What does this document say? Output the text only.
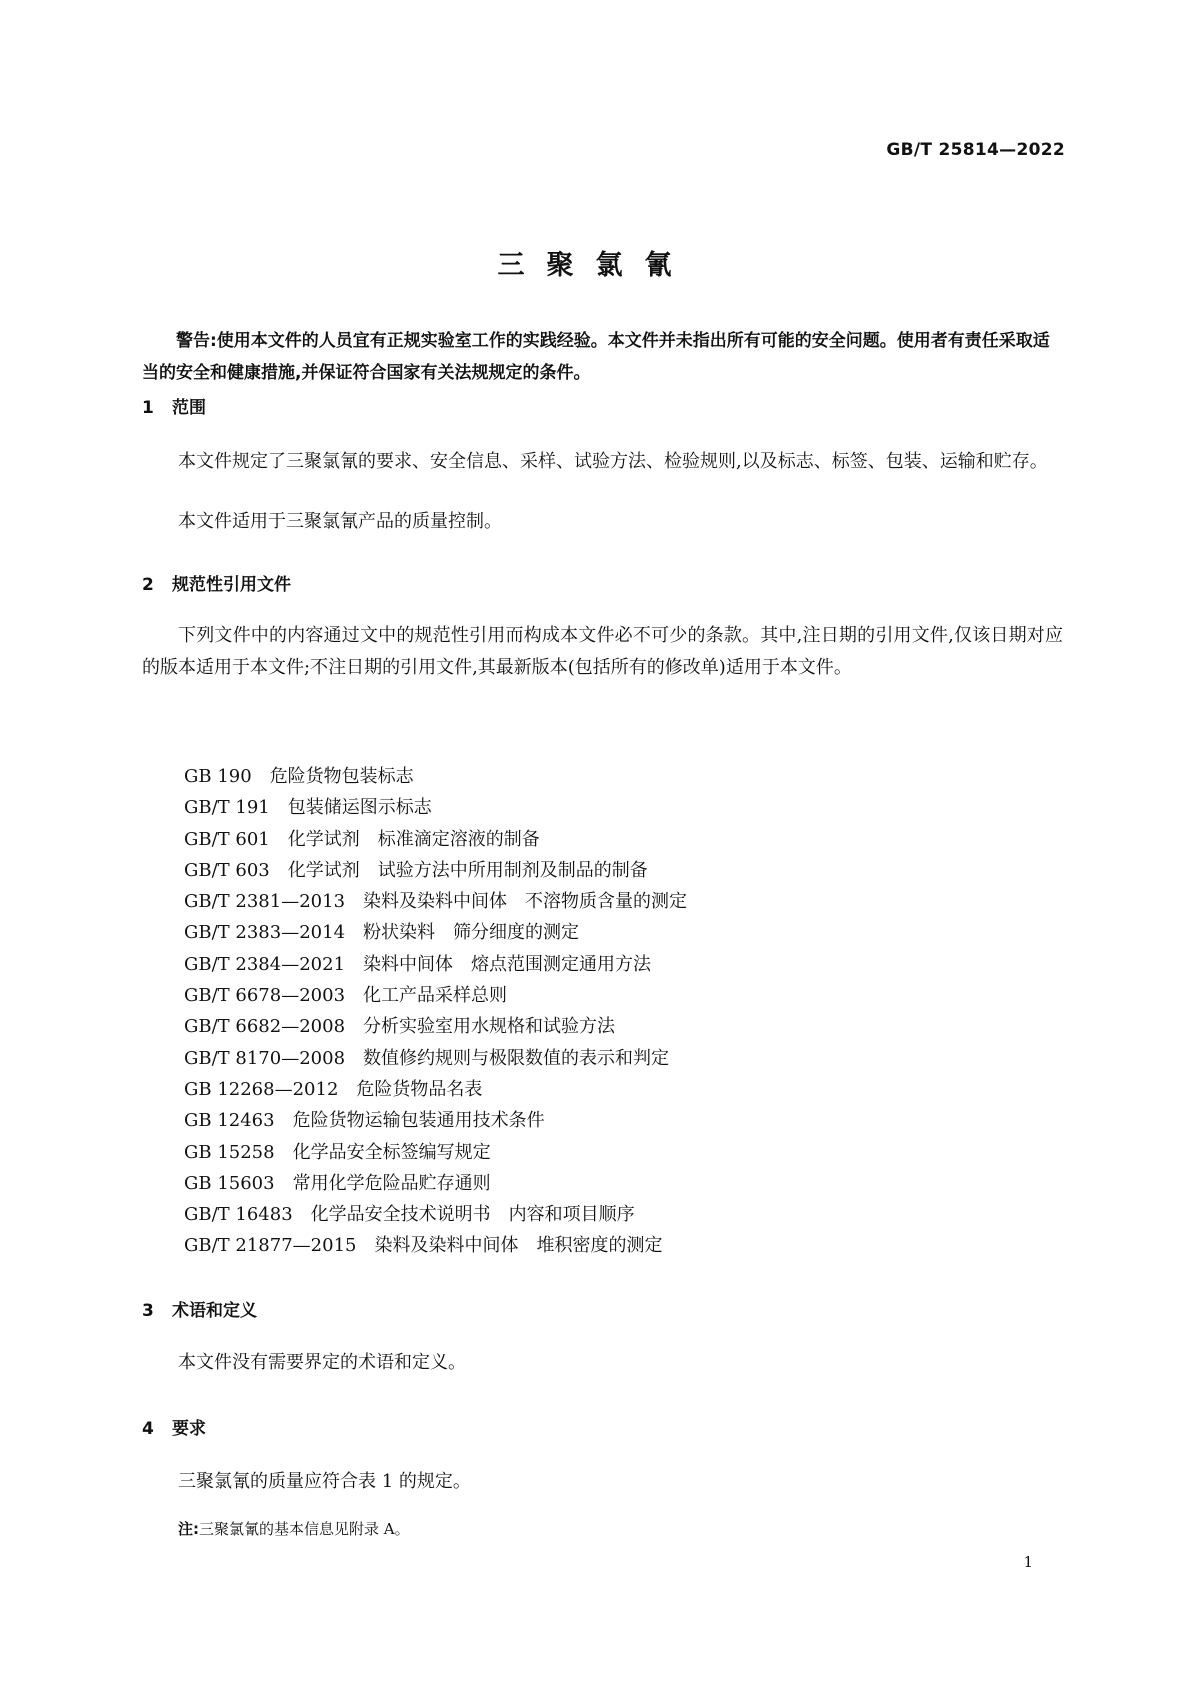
GB/T 25814—2022
三聚氯氰

警告:使用本文件的人员宜有正规实验室工作的实践经验。本文件并未指出所有可能的安全问题。使用者有责任采取适当的安全和健康措施,并保证符合国家有关法规规定的条件。

1 范围

本文件规定了三聚氯氰的要求、安全信息、采样、试验方法、检验规则,以及标志、标签、包装、运输和贮存。

本文件适用于三聚氯氰产品的质量控制。

2 规范性引用文件

下列文件中的内容通过文中的规范性引用而构成本文件必不可少的条款。其中,注日期的引用文件,仅该日期对应的版本适用于本文件;不注日期的引用文件,其最新版本(包括所有的修改单)适用于本文件。

GB 190 危险货物包装标志
GB/T 191 包装储运图示标志
GB/T 601 化学试剂 标准滴定溶液的制备
GB/T 603 化学试剂 试验方法中所用制剂及制品的制备
GB/T 2381—2013 染料及染料中间体 不溶物质含量的测定
GB/T 2383—2014 粉状染料 筛分细度的测定
GB/T 2384—2021 染料中间体 熔点范围测定通用方法
GB/T 6678—2003 化工产品采样总则
GB/T 6682—2008 分析实验室用水规格和试验方法
GB/T 8170—2008 数值修约规则与极限数值的表示和判定
GB 12268—2012 危险货物品名表
GB 12463 危险货物运输包装通用技术条件
GB 15258 化学品安全标签编写规定
GB 15603 常用化学危险品贮存通则
GB/T 16483 化学品安全技术说明书 内容和项目顺序
GB/T 21877—2015 染料及染料中间体 堆积密度的测定
3 术语和定义

本文件没有需要界定的术语和定义。

4 要求

三聚氯氰的质量应符合表 1 的规定。

注:三聚氯氰的基本信息见附录 A。
1
